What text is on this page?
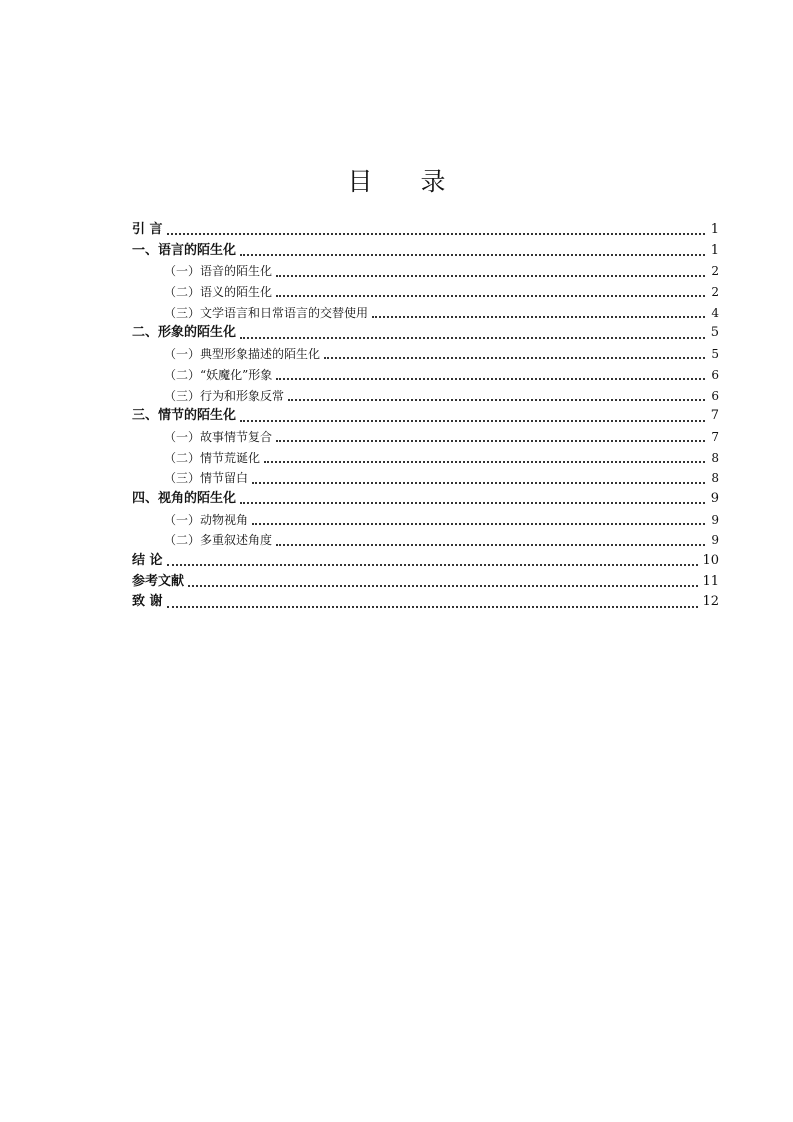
目 录
引 言	1
一、语言的陌生化	1
（一）语音的陌生化	2
（二）语义的陌生化	2
（三）文学语言和日常语言的交替使用	4
二、形象的陌生化	5
（一）典型形象描述的陌生化	5
（二）“妖魔化”形象	6
（三）行为和形象反常	6
三、情节的陌生化	7
（一）故事情节复合	7
（二）情节荒诞化	8
（三）情节留白	8
四、视角的陌生化	9
（一）动物视角	9
（二）多重叙述角度	9
结 论	10
参考文献	11
致 谢	12
